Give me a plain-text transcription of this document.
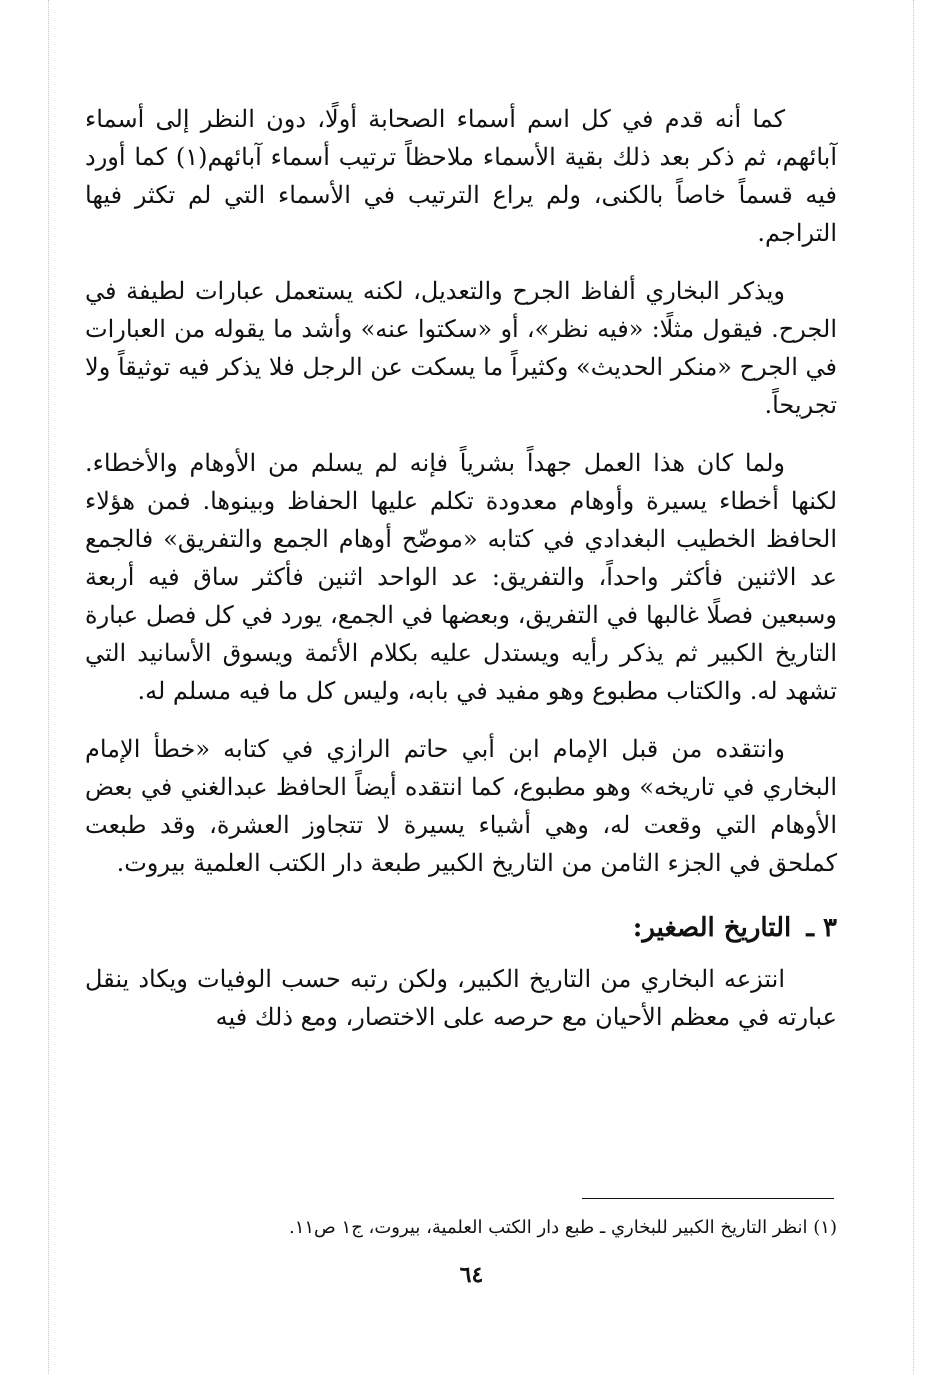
كما أنه قدم في كل اسم أسماء الصحابة أولًا، دون النظر إلى أسماء آبائهم، ثم ذكر بعد ذلك بقية الأسماء ملاحظاً ترتيب أسماء آبائهم(١) كما أورد فيه قسماً خاصاً بالكنى، ولم يراع الترتيب في الأسماء التي لم تكثر فيها التراجم.

ويذكر البخاري ألفاظ الجرح والتعديل، لكنه يستعمل عبارات لطيفة في الجرح. فيقول مثلًا: «فيه نظر»، أو «سكتوا عنه» وأشد ما يقوله من العبارات في الجرح «منكر الحديث» وكثيراً ما يسكت عن الرجل فلا يذكر فيه توثيقاً ولا تجريحاً.

ولما كان هذا العمل جهداً بشرياً فإنه لم يسلم من الأوهام والأخطاء. لكنها أخطاء يسيرة وأوهام معدودة تكلم عليها الحفاظ وبينوها. فمن هؤلاء الحافظ الخطيب البغدادي في كتابه «موضّح أوهام الجمع والتفريق» فالجمع عد الاثنين فأكثر واحداً، والتفريق: عد الواحد اثنين فأكثر ساق فيه أربعة وسبعين فصلًا غالبها في التفريق، وبعضها في الجمع، يورد في كل فصل عبارة التاريخ الكبير ثم يذكر رأيه ويستدل عليه بكلام الأئمة ويسوق الأسانيد التي تشهد له. والكتاب مطبوع وهو مفيد في بابه، وليس كل ما فيه مسلم له.

وانتقده من قبل الإمام ابن أبي حاتم الرازي في كتابه «خطأ الإمام البخاري في تاريخه» وهو مطبوع، كما انتقده أيضاً الحافظ عبدالغني في بعض الأوهام التي وقعت له، وهي أشياء يسيرة لا تتجاوز العشرة، وقد طبعت كملحق في الجزء الثامن من التاريخ الكبير طبعة دار الكتب العلمية بيروت.

٣ ـ التاريخ الصغير:

انتزعه البخاري من التاريخ الكبير، ولكن رتبه حسب الوفيات ويكاد ينقل عبارته في معظم الأحيان مع حرصه على الاختصار، ومع ذلك فيه

(١) انظر التاريخ الكبير للبخاري ـ طبع دار الكتب العلمية، بيروت، ج١ ص١١.
٦٤
